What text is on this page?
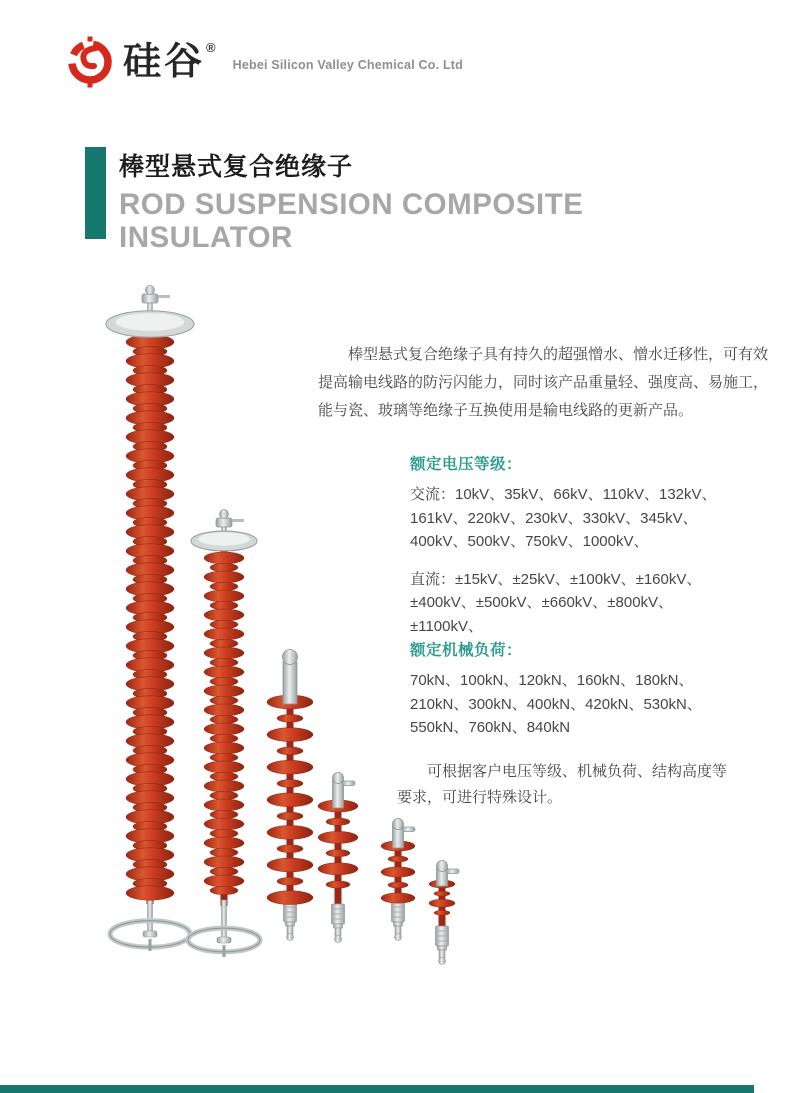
硅谷 ®
Hebei Silicon Valley Chemical Co. Ltd
棒型悬式复合绝缘子
ROD SUSPENSION COMPOSITE
INSULATOR
棒型悬式复合绝缘子具有持久的超强憎水、憎水迁移性，可有效
提高输电线路的防污闪能力，同时该产品重量轻、强度高、易施工，
能与瓷、玻璃等绝缘子互换使用是输电线路的更新产品。
额定电压等级：
交流：10kV、35kV、66kV、110kV、132kV、
161kV、220kV、230kV、330kV、345kV、
400kV、500kV、750kV、1000kV、
直流：±15kV、±25kV、±100kV、±160kV、
±400kV、±500kV、±660kV、±800kV、
±1100kV、
额定机械负荷：
70kN、100kN、120kN、160kN、180kN、
210kN、300kN、400kN、420kN、530kN、
550kN、760kN、840kN
可根据客户电压等级、机械负荷、结构高度等
要求，可进行特殊设计。
